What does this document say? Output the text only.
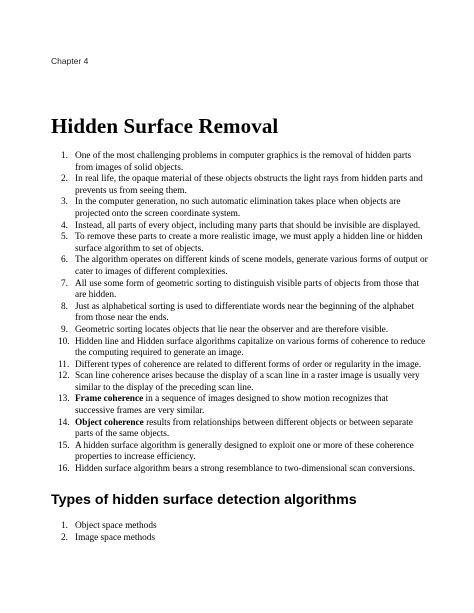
Chapter 4
Hidden Surface Removal
1. One of the most challenging problems in computer graphics is the removal of hidden parts from images of solid objects.
2. In real life, the opaque material of these objects obstructs the light rays from hidden parts and prevents us from seeing them.
3. In the computer generation, no such automatic elimination takes place when objects are projected onto the screen coordinate system.
4. Instead, all parts of every object, including many parts that should be invisible are displayed.
5. To remove these parts to create a more realistic image, we must apply a hidden line or hidden surface algorithm to set of objects.
6. The algorithm operates on different kinds of scene models, generate various forms of output or cater to images of different complexities.
7. All use some form of geometric sorting to distinguish visible parts of objects from those that are hidden.
8. Just as alphabetical sorting is used to differentiate words near the beginning of the alphabet from those near the ends.
9. Geometric sorting locates objects that lie near the observer and are therefore visible.
10. Hidden line and Hidden surface algorithms capitalize on various forms of coherence to reduce the computing required to generate an image.
11. Different types of coherence are related to different forms of order or regularity in the image.
12. Scan line coherence arises because the display of a scan line in a raster image is usually very similar to the display of the preceding scan line.
13. Frame coherence in a sequence of images designed to show motion recognizes that successive frames are very similar.
14. Object coherence results from relationships between different objects or between separate parts of the same objects.
15. A hidden surface algorithm is generally designed to exploit one or more of these coherence properties to increase efficiency.
16. Hidden surface algorithm bears a strong resemblance to two-dimensional scan conversions.
Types of hidden surface detection algorithms
1. Object space methods
2. Image space methods
